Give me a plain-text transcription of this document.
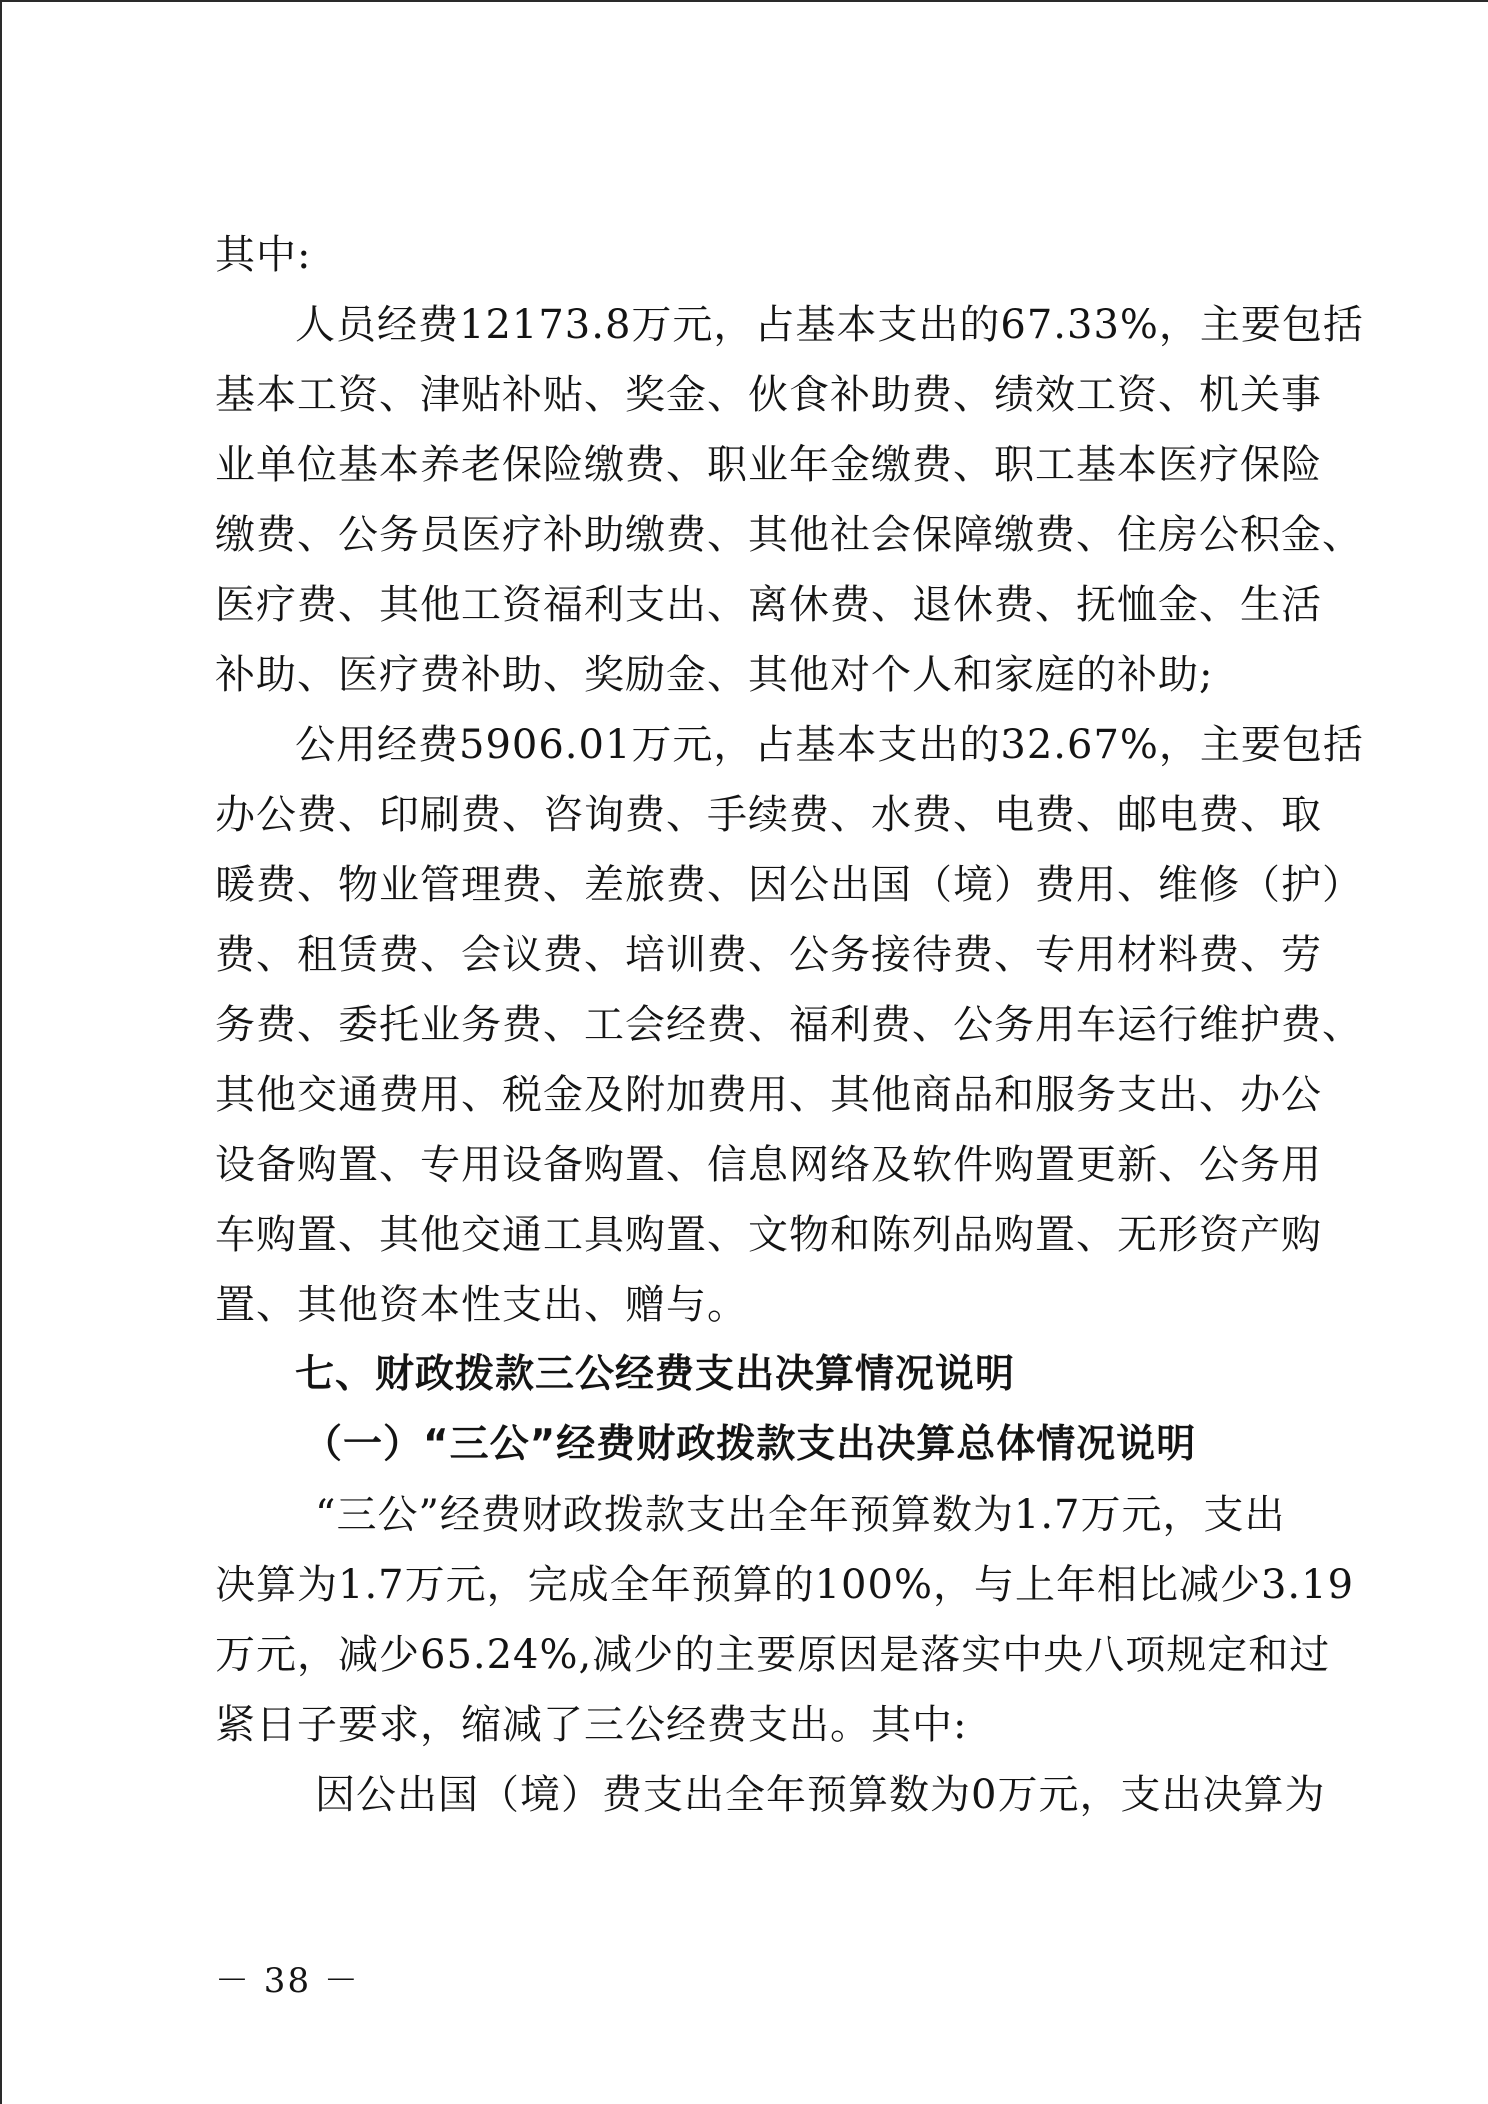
其中:
人员经费12173.8万元，占基本支出的67.33%，主要包括
基本工资、津贴补贴、奖金、伙食补助费、绩效工资、机关事
业单位基本养老保险缴费、职业年金缴费、职工基本医疗保险
缴费、公务员医疗补助缴费、其他社会保障缴费、住房公积金、
医疗费、其他工资福利支出、离休费、退休费、抚恤金、生活
补助、医疗费补助、奖励金、其他对个人和家庭的补助;
公用经费5906.01万元，占基本支出的32.67%，主要包括
办公费、印刷费、咨询费、手续费、水费、电费、邮电费、取
暖费、物业管理费、差旅费、因公出国（境）费用、维修（护）
费、租赁费、会议费、培训费、公务接待费、专用材料费、劳
务费、委托业务费、工会经费、福利费、公务用车运行维护费、
其他交通费用、税金及附加费用、其他商品和服务支出、办公
设备购置、专用设备购置、信息网络及软件购置更新、公务用
车购置、其他交通工具购置、文物和陈列品购置、无形资产购
置、其他资本性支出、赠与。
七、财政拨款三公经费支出决算情况说明
（一）“三公”经费财政拨款支出决算总体情况说明
“三公”经费财政拨款支出全年预算数为1.7万元，支出
决算为1.7万元，完成全年预算的100%，与上年相比减少3.19
万元，减少65.24%,减少的主要原因是落实中央八项规定和过
紧日子要求，缩减了三公经费支出。其中:
因公出国（境）费支出全年预算数为0万元，支出决算为
－ 38 －
